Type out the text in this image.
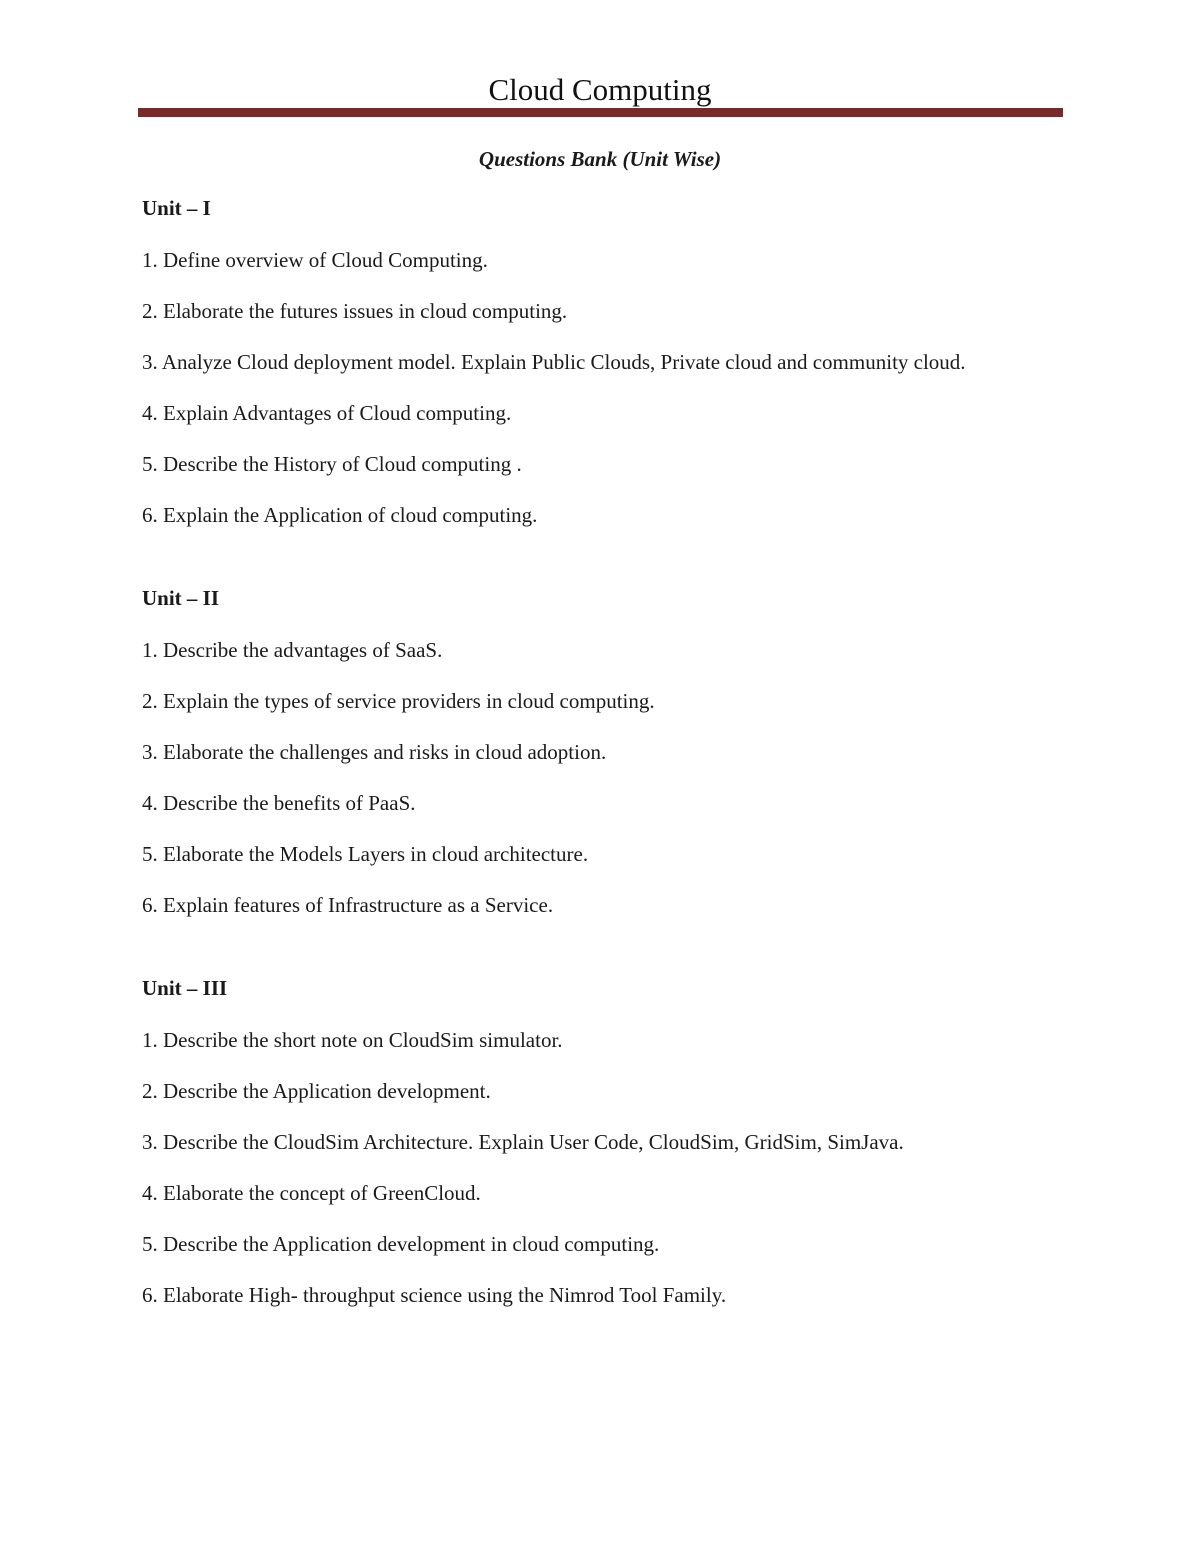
Cloud Computing
Questions Bank (Unit Wise)
Unit – I
1. Define overview of Cloud Computing.
2. Elaborate the futures issues in cloud computing.
3. Analyze Cloud deployment model. Explain Public Clouds, Private cloud and community cloud.
4. Explain Advantages of Cloud computing.
5. Describe the History of Cloud computing .
6. Explain the Application of cloud computing.
Unit – II
1. Describe the advantages of SaaS.
2. Explain the types of service providers in cloud computing.
3. Elaborate the challenges and risks in cloud adoption.
4. Describe the benefits of PaaS.
5. Elaborate the Models Layers in cloud architecture.
6. Explain features of Infrastructure as a Service.
Unit – III
1. Describe the short note on CloudSim simulator.
2. Describe the Application development.
3. Describe the CloudSim Architecture. Explain User Code, CloudSim, GridSim, SimJava.
4. Elaborate the concept of GreenCloud.
5. Describe the Application development in cloud computing.
6. Elaborate High- throughput science using the Nimrod Tool Family.
